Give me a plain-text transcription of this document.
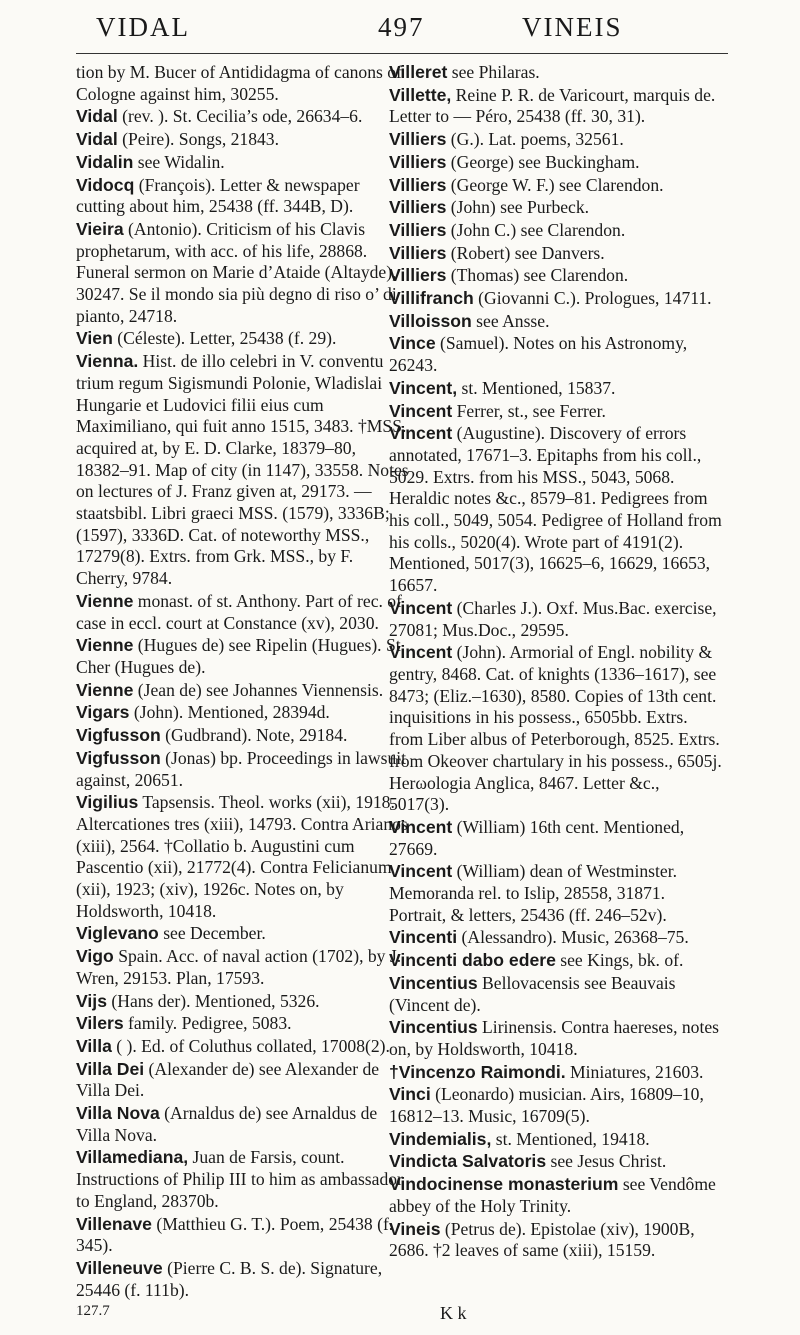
VIDAL	497	VINEIS
tion by M. Bucer of Antididagma of canons of Cologne against him, 30255.
Vidal (rev. ). St. Cecilia’s ode, 26634–6.
Vidal (Peire). Songs, 21843.
Vidalin see Widalin.
Vidocq (François). Letter & newspaper cutting about him, 25438 (ff. 344B, D).
Vieira (Antonio). Criticism of his Clavis prophetarum, with acc. of his life, 28868. Funeral sermon on Marie d’Ataide (Altayde), 30247. Se il mondo sia più degno di riso o’ di pianto, 24718.
Vien (Céleste). Letter, 25438 (f. 29).
Vienna. Hist. de illo celebri in V. conventu trium regum Sigismundi Polonie, Wladislai Hungarie et Ludovici filii eius cum Maximiliano, qui fuit anno 1515, 3483. †MSS. acquired at, by E. D. Clarke, 18379–80, 18382–91. Map of city (in 1147), 33558. Notes on lectures of J. Franz given at, 29173. — staatsbibl. Libri graeci MSS. (1579), 3336B; (1597), 3336D. Cat. of noteworthy MSS., 17279(8). Extrs. from Grk. MSS., by F. Cherry, 9784.
Vienne monast. of st. Anthony. Part of rec. of case in eccl. court at Constance (xv), 2030.
Vienne (Hugues de) see Ripelin (Hugues). St. Cher (Hugues de).
Vienne (Jean de) see Johannes Viennensis.
Vigars (John). Mentioned, 28394d.
Vigfusson (Gudbrand). Note, 29184.
Vigfusson (Jonas) bp. Proceedings in lawsuit against, 20651.
Vigilius Tapsensis. Theol. works (xii), 1918. Altercationes tres (xiii), 14793. Contra Arianos (xiii), 2564. †Collatio b. Augustini cum Pascentio (xii), 21772(4). Contra Felicianum (xii), 1923; (xiv), 1926c. Notes on, by Holdsworth, 10418.
Viglevano see December.
Vigo Spain. Acc. of naval action (1702), by J. Wren, 29153. Plan, 17593.
Vijs (Hans der). Mentioned, 5326.
Vilers family. Pedigree, 5083.
Villa ( ). Ed. of Coluthus collated, 17008(2).
Villa Dei (Alexander de) see Alexander de Villa Dei.
Villa Nova (Arnaldus de) see Arnaldus de Villa Nova.
Villamediana, Juan de Farsis, count. Instructions of Philip III to him as ambassador to England, 28370b.
Villenave (Matthieu G. T.). Poem, 25438 (f. 345).
Villeneuve (Pierre C. B. S. de). Signature, 25446 (f. 111b).
Villeret see Philaras.
Villette, Reine P. R. de Varicourt, marquis de. Letter to — Péro, 25438 (ff. 30, 31).
Villiers (G.). Lat. poems, 32561.
Villiers (George) see Buckingham.
Villiers (George W. F.) see Clarendon.
Villiers (John) see Purbeck.
Villiers (John C.) see Clarendon.
Villiers (Robert) see Danvers.
Villiers (Thomas) see Clarendon.
Villifranch (Giovanni C.). Prologues, 14711.
Villoisson see Ansse.
Vince (Samuel). Notes on his Astronomy, 26243.
Vincent, st. Mentioned, 15837.
Vincent Ferrer, st., see Ferrer.
Vincent (Augustine). Discovery of errors annotated, 17671–3. Epitaphs from his coll., 5029. Extrs. from his MSS., 5043, 5068. Heraldic notes &c., 8579–81. Pedigrees from his coll., 5049, 5054. Pedigree of Holland from his colls., 5020(4). Wrote part of 4191(2). Mentioned, 5017(3), 16625–6, 16629, 16653, 16657.
Vincent (Charles J.). Oxf. Mus.Bac. exercise, 27081; Mus.Doc., 29595.
Vincent (John). Armorial of Engl. nobility & gentry, 8468. Cat. of knights (1336–1617), see 8473; (Eliz.–1630), 8580. Copies of 13th cent. inquisitions in his possess., 6505bb. Extrs. from Liber albus of Peterborough, 8525. Extrs. from Okeover chartulary in his possess., 6505j. Herωologia Anglica, 8467. Letter &c., 5017(3).
Vincent (William) 16th cent. Mentioned, 27669.
Vincent (William) dean of Westminster. Memoranda rel. to Islip, 28558, 31871. Portrait, & letters, 25436 (ff. 246–52v).
Vincenti (Alessandro). Music, 26368–75.
Vincenti dabo edere see Kings, bk. of.
Vincentius Bellovacensis see Beauvais (Vincent de).
Vincentius Lirinensis. Contra haereses, notes on, by Holdsworth, 10418.
†Vincenzo Raimondi. Miniatures, 21603.
Vinci (Leonardo) musician. Airs, 16809–10, 16812–13. Music, 16709(5).
Vindemialis, st. Mentioned, 19418.
Vindicta Salvatoris see Jesus Christ.
Vindocinense monasterium see Vendôme abbey of the Holy Trinity.
Vineis (Petrus de). Epistolae (xiv), 1900B, 2686. †2 leaves of same (xiii), 15159.
127.7	K k
